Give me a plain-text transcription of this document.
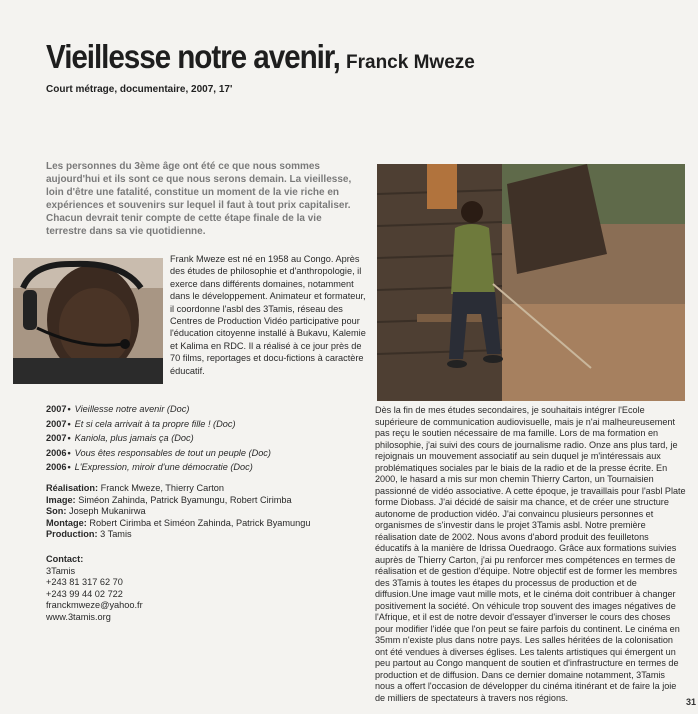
Vieillesse notre avenir, Franck Mweze
Court métrage, documentaire, 2007, 17'
Les personnes du 3ème âge ont été ce que nous sommes aujourd'hui et ils sont ce que nous serons demain. La vieillesse, loin d'être une fatalité, constitue un moment de la vie riche en expériences et souvenirs sur lequel il faut à tout prix capitaliser. Chacun devrait tenir compte de cette étape finale de la vie terrestre dans sa vie quotidienne.
Frank Mweze est né en 1958 au Congo. Après des études de philosophie et d'anthropologie, il exerce dans différents domaines, notamment dans le développement. Animateur et formateur, il coordonne l'asbl des 3Tamis, réseau des Centres de Production Vidéo participative pour l'éducation citoyenne installé à Bukavu, Kalemie et Kalima en RDC. Il a réalisé à ce jour près de 70 films, reportages et docu-fictions à caractère éducatif.
2007• Vieillesse notre avenir (Doc)
2007• Et si cela arrivait à ta propre fille ! (Doc)
2007• Kaniola, plus jamais ça (Doc)
2006• Vous êtes responsables de tout un peuple (Doc)
2006• L'Expression, miroir d'une démocratie (Doc)
Réalisation: Franck Mweze, Thierry Carton
Image: Siméon Zahinda, Patrick Byamungu, Robert Cirimba
Son: Joseph Mukanirwa
Montage: Robert Cirimba et Siméon Zahinda, Patrick Byamungu
Production: 3 Tamis
Contact:
3Tamis
+243 81 317 62 70
+243 99 44 02 722
franckmweze@yahoo.fr
www.3tamis.org
Dès la fin de mes études secondaires, je souhaitais intégrer l'Ecole supérieure de communication audiovisuelle, mais je n'ai malheureusement pas reçu le soutien nécessaire de ma famille. Lors de ma formation en philosophie, j'ai suivi des cours de journalisme radio. Onze ans plus tard, je rejoignais un mouvement associatif au sein duquel je m'intéressais aux problématiques sociales par le biais de la radio et de la presse écrite. En 2000, le hasard a mis sur mon chemin Thierry Carton, un Tournaisien passionné de vidéo associative. A cette époque, je travaillais pour l'asbl Plate forme Diobass. J'ai décidé de saisir ma chance, et de créer une structure autonome de production vidéo. J'ai convaincu plusieurs personnes et organismes de s'investir dans le projet 3Tamis asbl. Notre première réalisation date de 2002. Nous avons d'abord produit des feuilletons éducatifs à la manière de Idrissa Ouedraogo. Grâce aux formations suivies auprès de Thierry Carton, j'ai pu renforcer mes compétences en termes de réalisation et de gestion d'équipe. Notre objectif est de former les membres des 3Tamis à toutes les étapes du processus de production et de diffusion.Une image vaut mille mots, et le cinéma doit contribuer à changer positivement la société. On véhicule trop souvent des images négatives de l'Afrique, et il est de notre devoir d'essayer d'inverser le cours des choses pour modifier l'idée que l'on peut se faire parfois du continent. Le cinéma en 35mm n'existe plus dans notre pays. Les salles héritées de la colonisation ont été vendues à diverses églises. Les talents artistiques qui émergent un peu partout au Congo manquent de soutien et d'infrastructure en termes de production et de diffusion. Dans ce dernier domaine notamment, 3Tamis nous a offert l'occasion de développer du cinéma itinérant et de faire la joie de milliers de spectateurs à travers nos régions.	31
